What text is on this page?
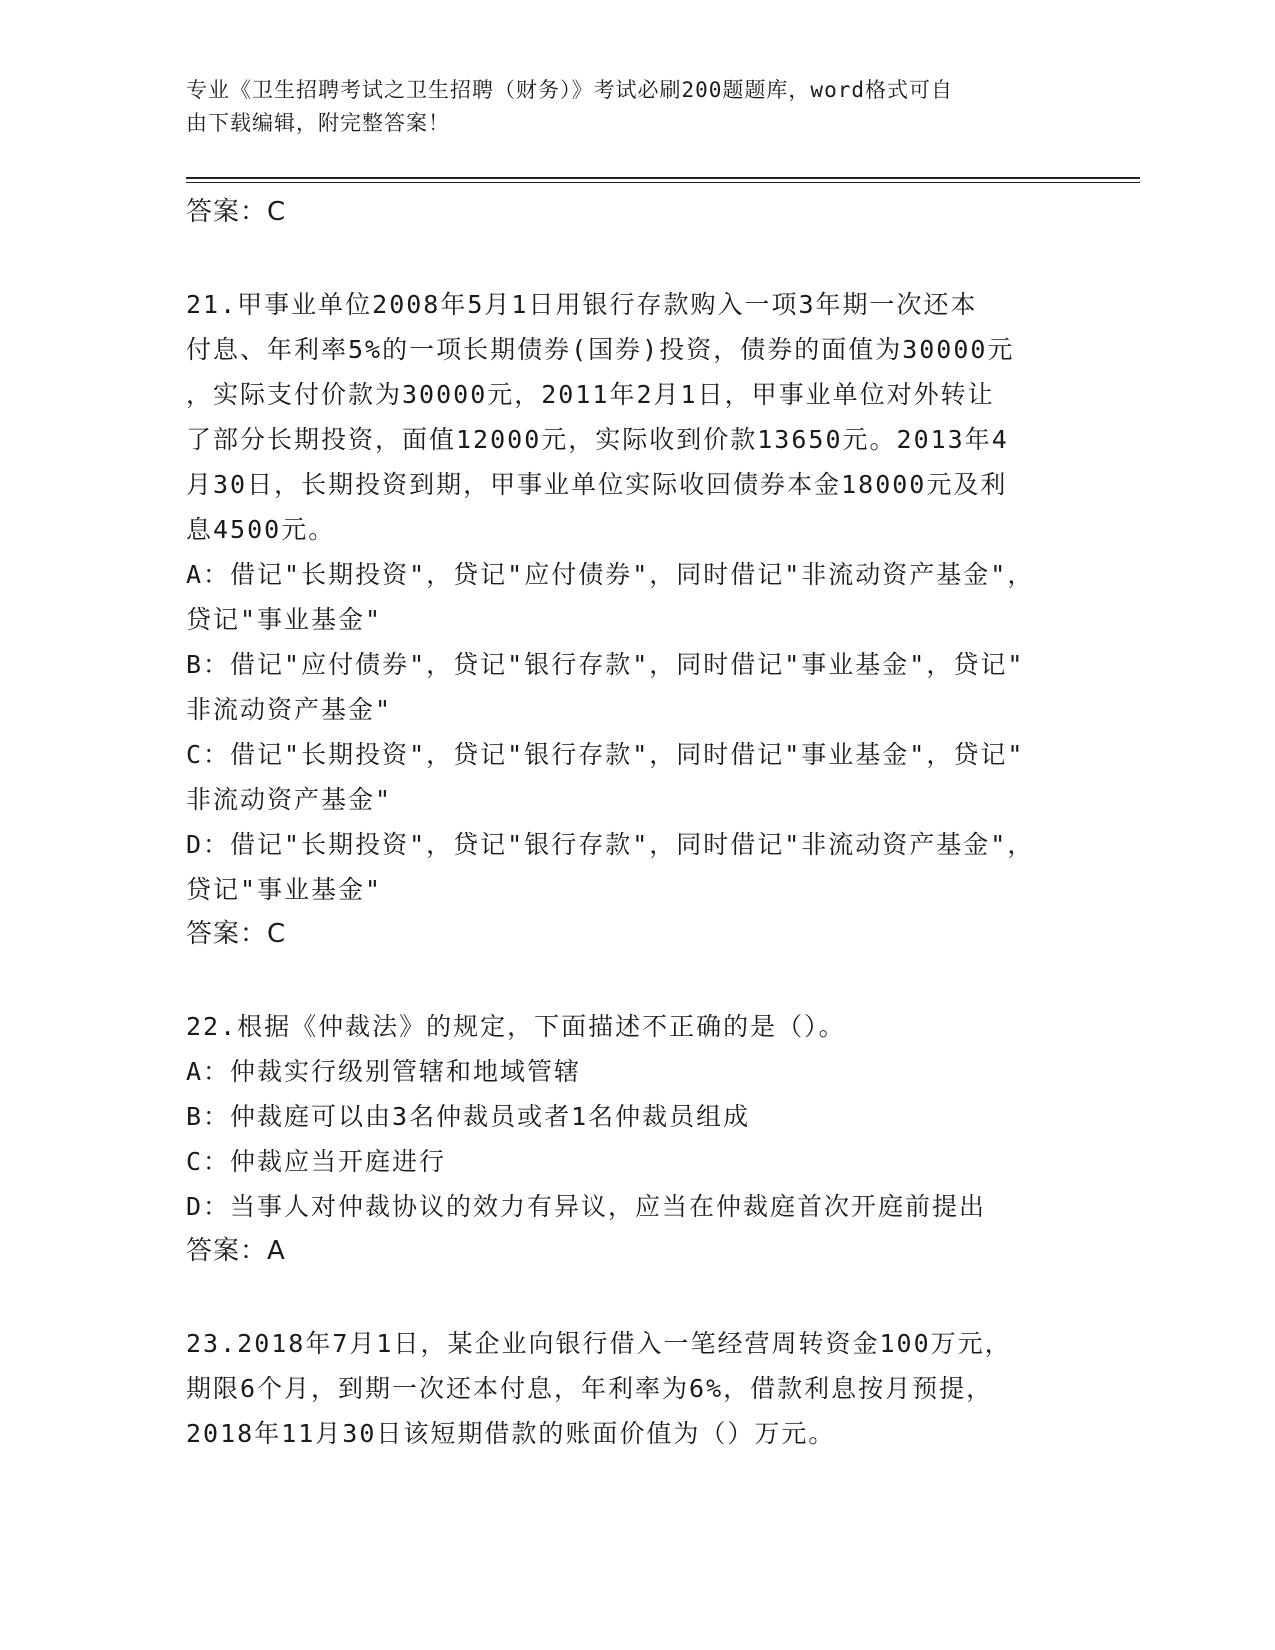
专业《卫生招聘考试之卫生招聘（财务）》考试必刷200题题库，word格式可自
由下载编辑，附完整答案！

答案：C

21.甲事业单位2008年5月1日用银行存款购入一项3年期一次还本

付息、年利率5%的一项长期债券(国券)投资，债券的面值为30000元

，实际支付价款为30000元，2011年2月1日，甲事业单位对外转让

了部分长期投资，面值12000元，实际收到价款13650元。2013年4

月30日，长期投资到期，甲事业单位实际收回债券本金18000元及利

息4500元。

A：借记"长期投资"，贷记"应付债券"，同时借记"非流动资产基金"，

贷记"事业基金"

B：借记"应付债券"，贷记"银行存款"，同时借记"事业基金"，贷记"

非流动资产基金"

C：借记"长期投资"，贷记"银行存款"，同时借记"事业基金"，贷记"

非流动资产基金"

D：借记"长期投资"，贷记"银行存款"，同时借记"非流动资产基金"，

贷记"事业基金"

答案：C

22.根据《仲裁法》的规定，下面描述不正确的是（）。

A：仲裁实行级别管辖和地域管辖

B：仲裁庭可以由3名仲裁员或者1名仲裁员组成

C：仲裁应当开庭进行

D：当事人对仲裁协议的效力有异议，应当在仲裁庭首次开庭前提出

答案：A

23.2018年7月1日，某企业向银行借入一笔经营周转资金100万元，

期限6个月，到期一次还本付息，年利率为6%，借款利息按月预提，

2018年11月30日该短期借款的账面价值为（）万元。
